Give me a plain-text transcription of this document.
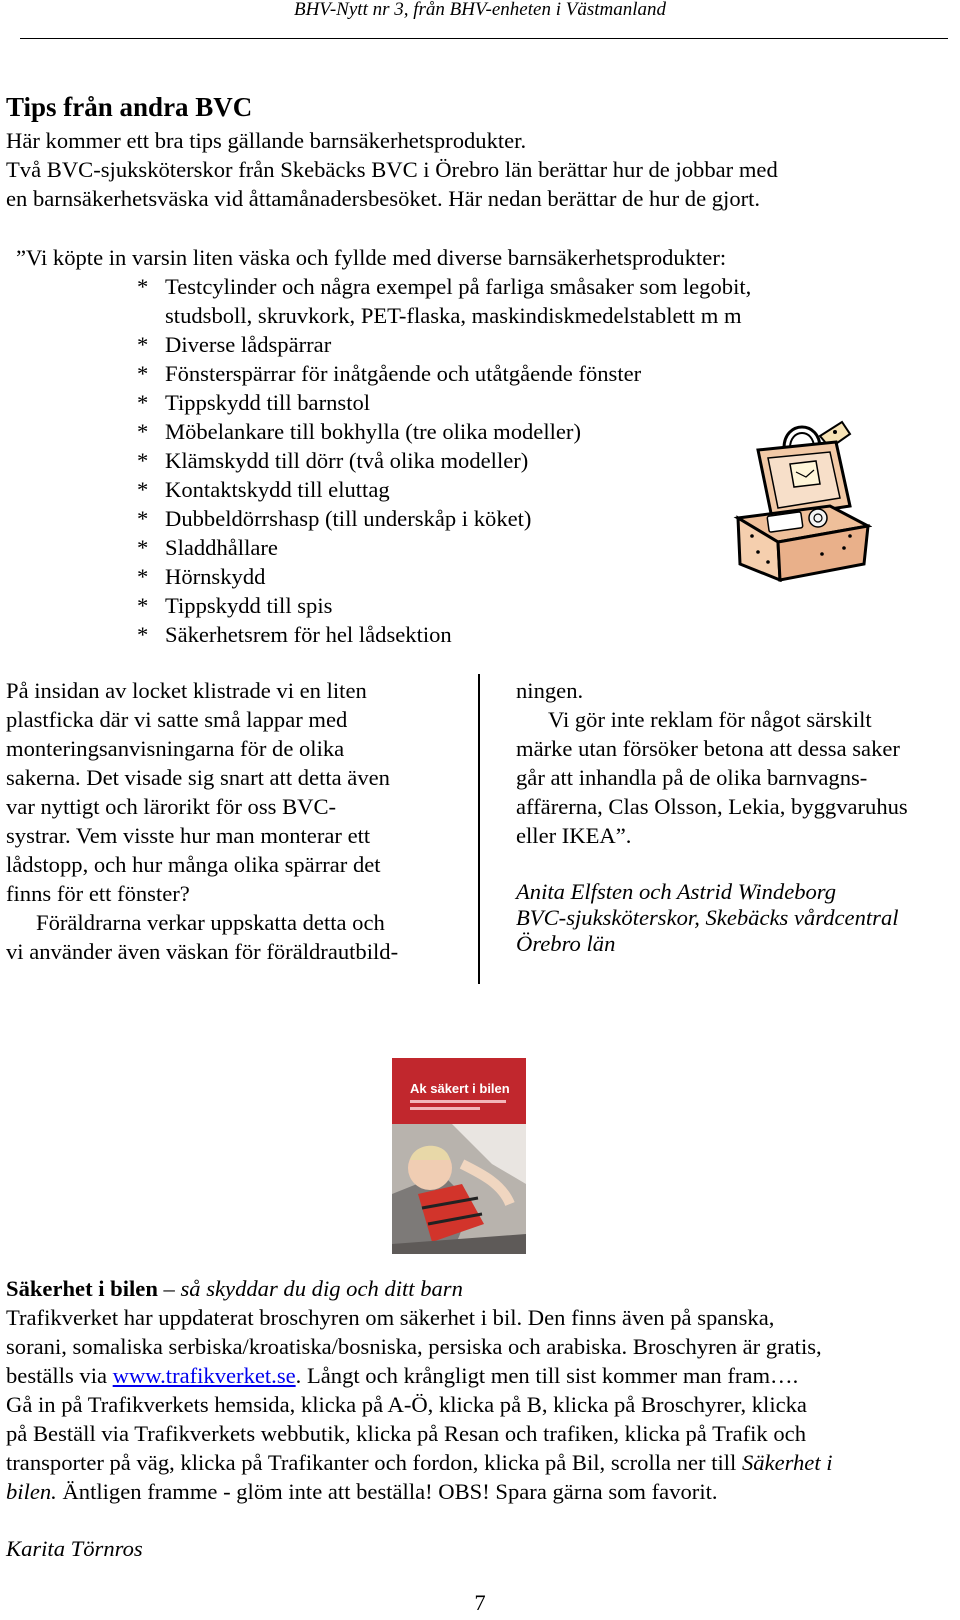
BHV-Nytt nr 3, från BHV-enheten i Västmanland
Tips från andra BVC
Här kommer ett bra tips gällande barnsäkerhetsprodukter.
Två BVC-sjuksköterskor från Skebäcks BVC i Örebro län berättar hur de jobbar med
en barnsäkerhetsväska vid åttamånadersbesöket. Här nedan berättar de hur de gjort.
”Vi köpte in varsin liten väska och fyllde med diverse barnsäkerhetsprodukter:
* Testcylinder och några exempel på farliga småsaker som legobit,
studsboll, skruvkork, PET-flaska, maskindiskmedelstablett m m
* Diverse lådspärrar
* Fönsterspärrar för inåtgående och utåtgående fönster
* Tippskydd till barnstol
* Möbelankare till bokhylla (tre olika modeller)
* Klämskydd till dörr (två olika modeller)
* Kontaktskydd till eluttag
* Dubbeldörrshasp (till underskåp i köket)
* Sladdhållare
* Hörnskydd
* Tippskydd till spis
* Säkerhetsrem för hel lådsektion
På insidan av locket klistrade vi en liten
plastficka där vi satte små lappar med
monteringsanvisningarna för de olika
sakerna. Det visade sig snart att detta även
var nyttigt och lärorikt för oss BVC-
systrar. Vem visste hur man monterar ett
lådstopp, och hur många olika spärrar det
finns för ett fönster?
Föräldrarna verkar uppskatta detta och
vi använder även väskan för föräldrautbild-
ningen.
Vi gör inte reklam för något särskilt
märke utan försöker betona att dessa saker
går att inhandla på de olika barnvagns-
affärerna, Clas Olsson, Lekia, byggvaruhus
eller IKEA”.
Anita Elfsten och Astrid Windeborg
BVC-sjuksköterskor, Skebäcks vårdcentral
Örebro län
Ak säkert i bilen
Säkerhet i bilen – så skyddar du dig och ditt barn
Trafikverket har uppdaterat broschyren om säkerhet i bil. Den finns även på spanska,
sorani, somaliska serbiska/kroatiska/bosniska, persiska och arabiska. Broschyren är gratis,
beställs via www.trafikverket.se. Långt och krångligt men till sist kommer man fram….
Gå in på Trafikverkets hemsida, klicka på A-Ö, klicka på B, klicka på Broschyrer, klicka
på Beställ via Trafikverkets webbutik, klicka på Resan och trafiken, klicka på Trafik och
transporter på väg, klicka på Trafikanter och fordon, klicka på Bil, scrolla ner till Säkerhet i
bilen. Äntligen framme - glöm inte att beställa! OBS! Spara gärna som favorit.
Karita Törnros
7
